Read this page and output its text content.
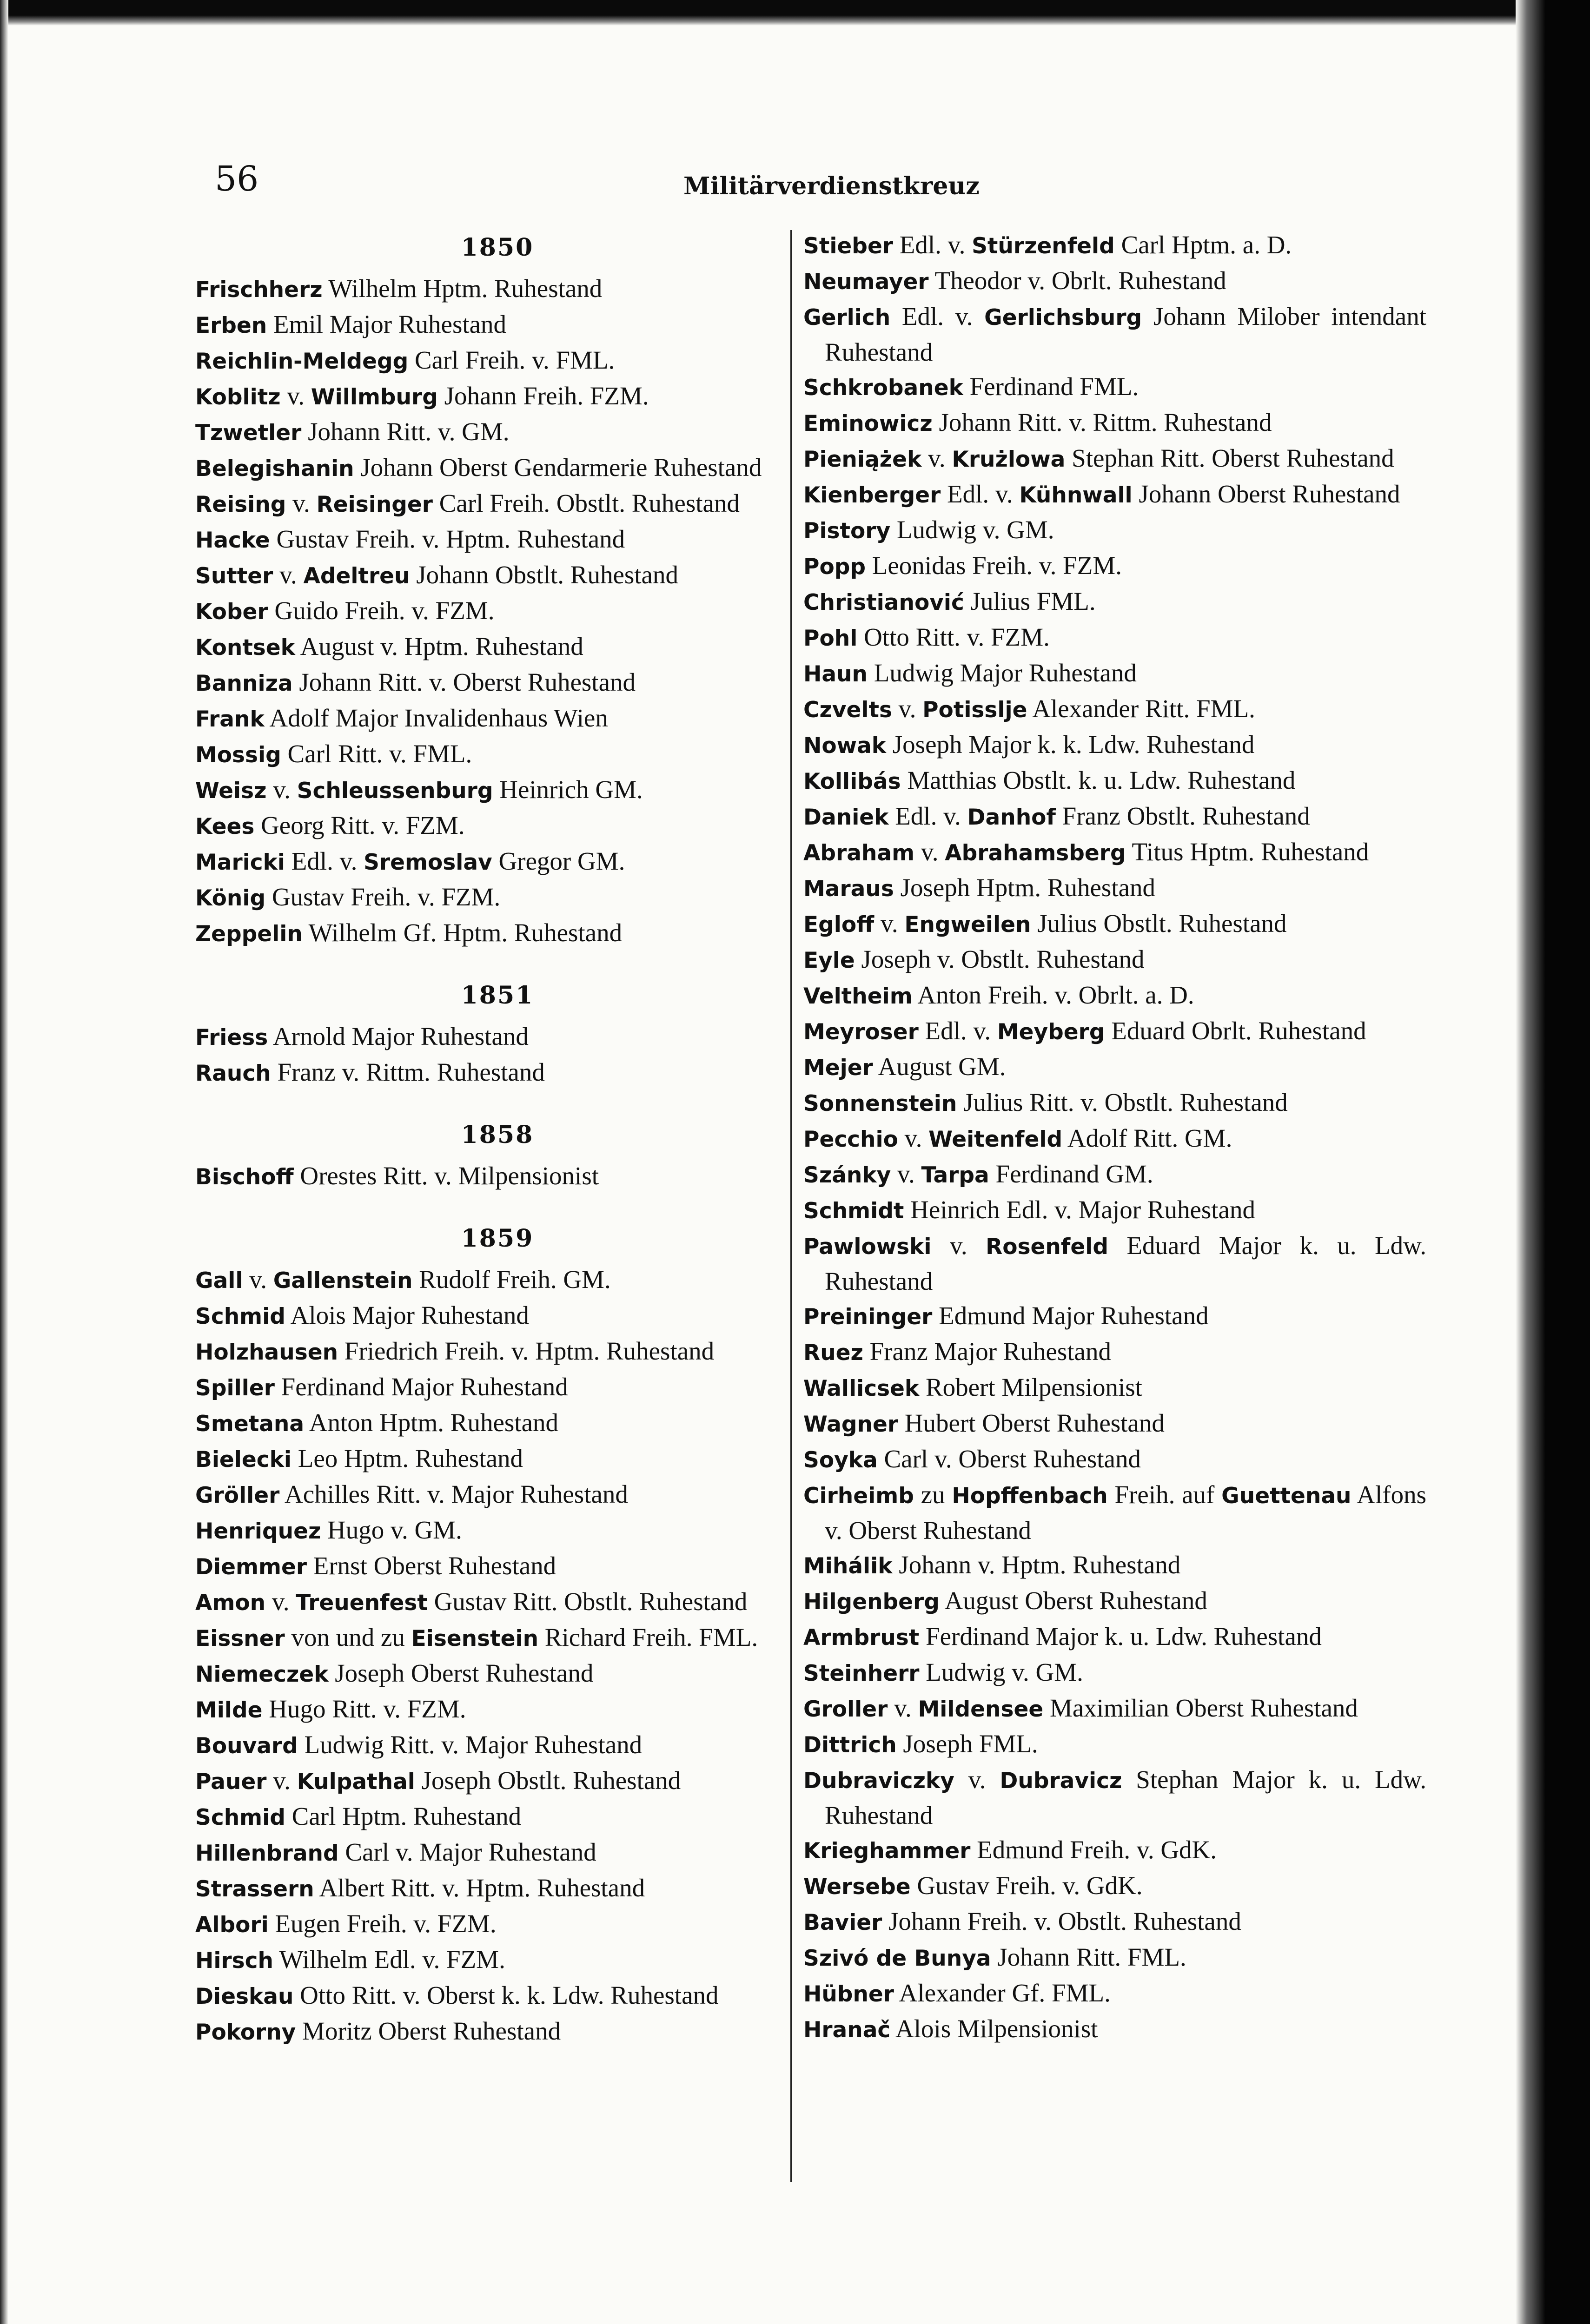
56	Militärverdienstkreuz
1850
Frischherz Wilhelm Hptm. Ruhestand
Erben Emil Major Ruhestand
Reichlin-Meldegg Carl Freih. v. FML.
Koblitz v. Willmburg Johann Freih. FZM.
Tzwetler Johann Ritt. v. GM.
Belegishanin Johann Oberst Gendarmerie Ruhestand
Reising v. Reisinger Carl Freih. Obstlt. Ruhestand
Hacke Gustav Freih. v. Hptm. Ruhestand
Sutter v. Adeltreu Johann Obstlt. Ruhestand
Kober Guido Freih. v. FZM.
Kontsek August v. Hptm. Ruhestand
Banniza Johann Ritt. v. Oberst Ruhestand
Frank Adolf Major Invalidenhaus Wien
Mossig Carl Ritt. v. FML.
Weisz v. Schleussenburg Heinrich GM.
Kees Georg Ritt. v. FZM.
Maricki Edl. v. Sremoslav Gregor GM.
König Gustav Freih. v. FZM.
Zeppelin Wilhelm Gf. Hptm. Ruhestand
1851
Friess Arnold Major Ruhestand
Rauch Franz v. Rittm. Ruhestand
1858
Bischoff Orestes Ritt. v. Milpensionist
1859
Gall v. Gallenstein Rudolf Freih. GM.
Schmid Alois Major Ruhestand
Holzhausen Friedrich Freih. v. Hptm. Ruhestand
Spiller Ferdinand Major Ruhestand
Smetana Anton Hptm. Ruhestand
Bielecki Leo Hptm. Ruhestand
Gröller Achilles Ritt. v. Major Ruhestand
Henriquez Hugo v. GM.
Diemmer Ernst Oberst Ruhestand
Amon v. Treuenfest Gustav Ritt. Obstlt. Ruhestand
Eissner von und zu Eisenstein Richard Freih. FML.
Niemeczek Joseph Oberst Ruhestand
Milde Hugo Ritt. v. FZM.
Bouvard Ludwig Ritt. v. Major Ruhestand
Pauer v. Kulpathal Joseph Obstlt. Ruhestand
Schmid Carl Hptm. Ruhestand
Hillenbrand Carl v. Major Ruhestand
Strassern Albert Ritt. v. Hptm. Ruhestand
Albori Eugen Freih. v. FZM.
Hirsch Wilhelm Edl. v. FZM.
Dieskau Otto Ritt. v. Oberst k. k. Ldw. Ruhestand
Pokorny Moritz Oberst Ruhestand
Stieber Edl. v. Stürzenfeld Carl Hptm. a. D.
Neumayer Theodor v. Obrlt. Ruhestand
Gerlich Edl. v. Gerlichsburg Johann Milober intendant Ruhestand
Schkrobanek Ferdinand FML.
Eminowicz Johann Ritt. v. Rittm. Ruhestand
Pieniążek v. Krużlowa Stephan Ritt. Oberst Ruhestand
Kienberger Edl. v. Kühnwall Johann Oberst Ruhestand
Pistory Ludwig v. GM.
Popp Leonidas Freih. v. FZM.
Christianović Julius FML.
Pohl Otto Ritt. v. FZM.
Haun Ludwig Major Ruhestand
Czvelts v. Potisslje Alexander Ritt. FML.
Nowak Joseph Major k. k. Ldw. Ruhestand
Kollibás Matthias Obstlt. k. u. Ldw. Ruhestand
Daniek Edl. v. Danhof Franz Obstlt. Ruhestand
Abraham v. Abrahamsberg Titus Hptm. Ruhestand
Maraus Joseph Hptm. Ruhestand
Egloff v. Engweilen Julius Obstlt. Ruhestand
Eyle Joseph v. Obstlt. Ruhestand
Veltheim Anton Freih. v. Obrlt. a. D.
Meyroser Edl. v. Meyberg Eduard Obrlt. Ruhestand
Mejer August GM.
Sonnenstein Julius Ritt. v. Obstlt. Ruhestand
Pecchio v. Weitenfeld Adolf Ritt. GM.
Szánky v. Tarpa Ferdinand GM.
Schmidt Heinrich Edl. v. Major Ruhestand
Pawlowski v. Rosenfeld Eduard Major k. u. Ldw. Ruhestand
Preininger Edmund Major Ruhestand
Ruez Franz Major Ruhestand
Wallicsek Robert Milpensionist
Wagner Hubert Oberst Ruhestand
Soyka Carl v. Oberst Ruhestand
Cirheimb zu Hopffenbach Freih. auf Guettenau Alfons v. Oberst Ruhestand
Mihálik Johann v. Hptm. Ruhestand
Hilgenberg August Oberst Ruhestand
Armbrust Ferdinand Major k. u. Ldw. Ruhestand
Steinherr Ludwig v. GM.
Groller v. Mildensee Maximilian Oberst Ruhestand
Dittrich Joseph FML.
Dubraviczky v. Dubravicz Stephan Major k. u. Ldw. Ruhestand
Krieghammer Edmund Freih. v. GdK.
Wersebe Gustav Freih. v. GdK.
Bavier Johann Freih. v. Obstlt. Ruhestand
Szivó de Bunya Johann Ritt. FML.
Hübner Alexander Gf. FML.
Hranač Alois Milpensionist
